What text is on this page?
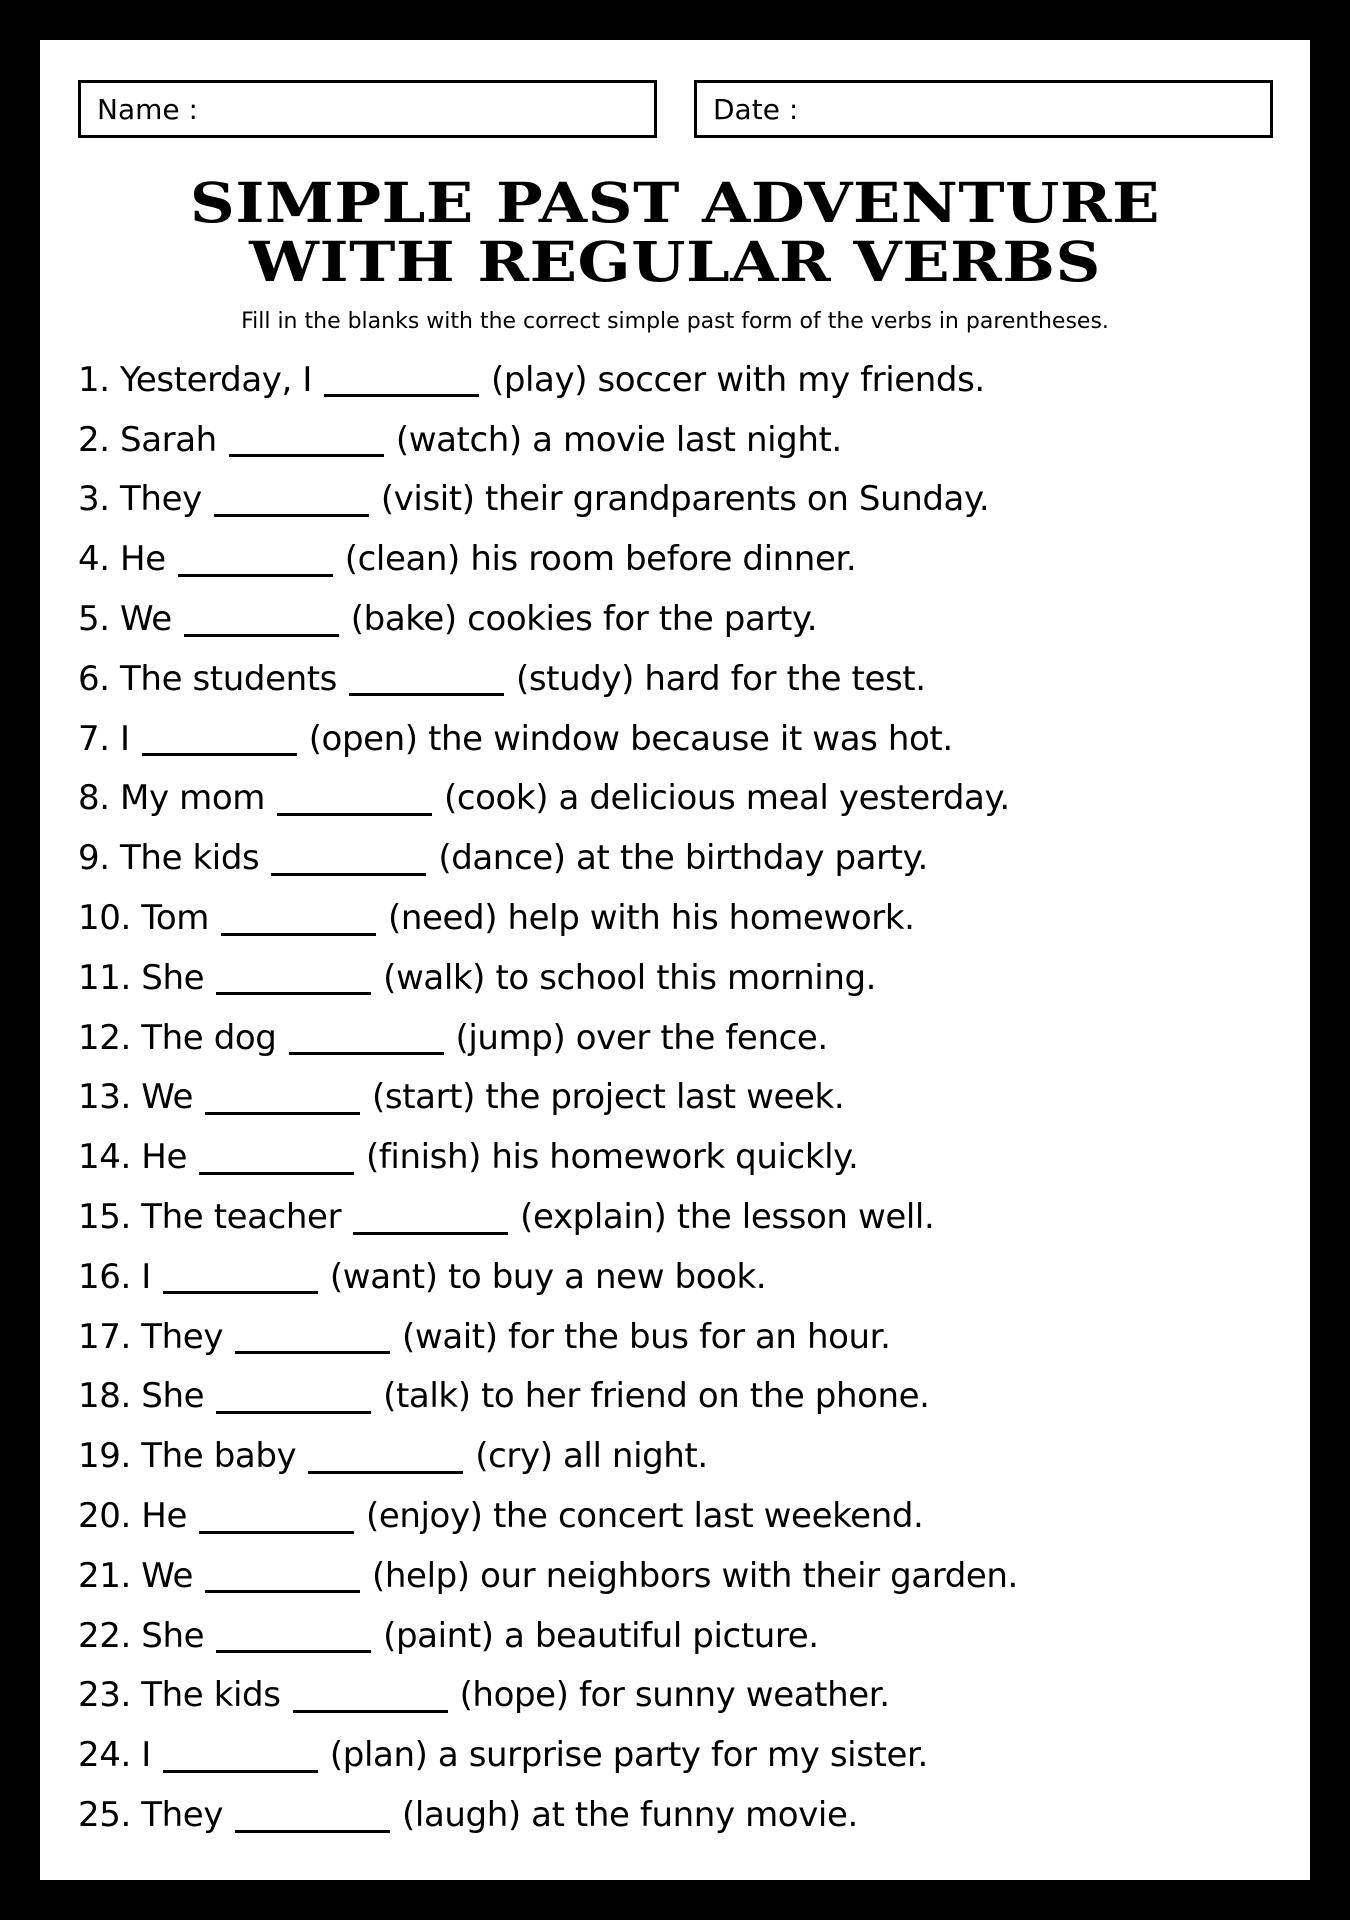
Name :	Date :
SIMPLE PAST ADVENTURE
WITH REGULAR VERBS
Fill in the blanks with the correct simple past form of the verbs in parentheses.
1. Yesterday, I	(play) soccer with my friends.
2. Sarah	(watch) a movie last night.
3. They	(visit) their grandparents on Sunday.
4. He	(clean) his room before dinner.
5. We	(bake) cookies for the party.
6. The students	(study) hard for the test.
7. I	(open) the window because it was hot.
8. My mom	(cook) a delicious meal yesterday.
9. The kids	(dance) at the birthday party.
10. Tom	(need) help with his homework.
11. She	(walk) to school this morning.
12. The dog	(jump) over the fence.
13. We	(start) the project last week.
14. He	(finish) his homework quickly.
15. The teacher	(explain) the lesson well.
16. I	(want) to buy a new book.
17. They	(wait) for the bus for an hour.
18. She	(talk) to her friend on the phone.
19. The baby	(cry) all night.
20. He	(enjoy) the concert last weekend.
21. We	(help) our neighbors with their garden.
22. She	(paint) a beautiful picture.
23. The kids	(hope) for sunny weather.
24. I	(plan) a surprise party for my sister.
25. They	(laugh) at the funny movie.
